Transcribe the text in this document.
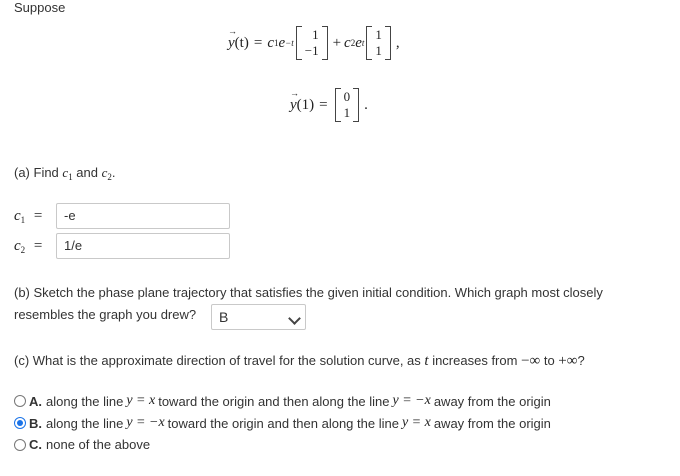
Suppose
→ y (t) = c 1 e −t
1
−1 + c 2 e t
1
1 ,
→ y (1) = 0
1 .
(a) Find $c_1$ and $c_2$.
$c_1$ =	-e
$c_2$ =	1/e
(b) Sketch the phase plane trajectory that satisfies the given initial condition. Which graph most closely
resembles the graph you drew?	B
(c) What is the approximate direction of travel for the solution curve, as t increases from −∞ to +∞?
A. along the line y = x toward the origin and then along the line y = −x away from the origin
B. along the line y = −x toward the origin and then along the line y = x away from the origin
C. none of the above
